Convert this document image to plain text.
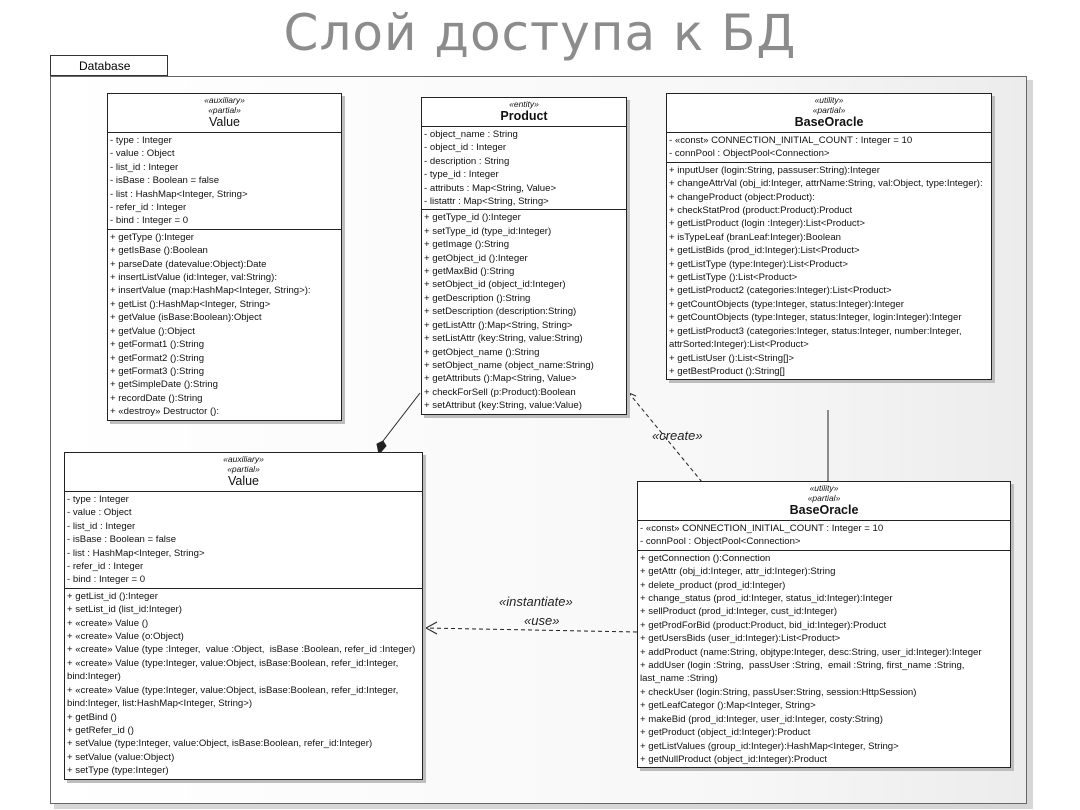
Слой доступа к БД
Database
«create»
«instantiate»
«use»
«auxiliary»
«partial»
Value
- type : Integer
- value : Object
- list_id : Integer
- isBase : Boolean = false
- list : HashMap<Integer, String>
- refer_id : Integer
- bind : Integer = 0
+ getType ():Integer
+ getIsBase ():Boolean
+ parseDate (datevalue:Object):Date
+ insertListValue (id:Integer, val:String):
+ insertValue (map:HashMap<Integer, String>):
+ getList ():HashMap<Integer, String>
+ getValue (isBase:Boolean):Object
+ getValue ():Object
+ getFormat1 ():String
+ getFormat2 ():String
+ getFormat3 ():String
+ getSimpleDate ():String
+ recordDate ():String
+ «destroy» Destructor ():
«entity»
Product
- object_name : String
- object_id : Integer
- description : String
- type_id : Integer
- attributs : Map<String, Value>
- listattr : Map<String, String>
+ getType_id ():Integer
+ setType_id (type_id:Integer)
+ getImage ():String
+ getObject_id ():Integer
+ getMaxBid ():String
+ setObject_id (object_id:Integer)
+ getDescription ():String
+ setDescription (description:String)
+ getListAttr ():Map<String, String>
+ setListAttr (key:String, value:String)
+ getObject_name ():String
+ setObject_name (object_name:String)
+ getAttributs ():Map<String, Value>
+ checkForSell (p:Product):Boolean
+ setAttribut (key:String, value:Value)
«utility»
«partial»
BaseOracle
- «const» CONNECTION_INITIAL_COUNT : Integer = 10
- connPool : ObjectPool<Connection>
+ inputUser (login:String, passuser:String):Integer
+ changeAttrVal (obj_id:Integer, attrName:String, val:Object, type:Integer):
+ changeProduct (object:Product):
+ checkStatProd (product:Product):Product
+ getListProduct (login :Integer):List<Product>
+ isTypeLeaf (branLeaf:Integer):Boolean
+ getListBids (prod_id:Integer):List<Product>
+ getListType (type:Integer):List<Product>
+ getListType ():List<Product>
+ getListProduct2 (categories:Integer):List<Product>
+ getCountObjects (type:Integer, status:Integer):Integer
+ getCountObjects (type:Integer, status:Integer, login:Integer):Integer
+ getListProduct3 (categories:Integer, status:Integer, number:Integer, attrSorted:Integer):List<Product>
+ getListUser ():List<String[]>
+ getBestProduct ():String[]
«auxiliary»
«partial»
Value
- type : Integer
- value : Object
- list_id : Integer
- isBase : Boolean = false
- list : HashMap<Integer, String>
- refer_id : Integer
- bind : Integer = 0
+ getList_id ():Integer
+ setList_id (list_id:Integer)
+ «create» Value ()
+ «create» Value (o:Object)
+ «create» Value (type :Integer,  value :Object,  isBase :Boolean, refer_id :Integer)
+ «create» Value (type:Integer, value:Object, isBase:Boolean, refer_id:Integer, bind:Integer)
+ «create» Value (type:Integer, value:Object, isBase:Boolean, refer_id:Integer, bind:Integer, list:HashMap<Integer, String>)
+ getBind ()
+ getRefer_id ()
+ setValue (type:Integer, value:Object, isBase:Boolean, refer_id:Integer)
+ setValue (value:Object)
+ setType (type:Integer)
«utility»
«partial»
BaseOracle
- «const» CONNECTION_INITIAL_COUNT : Integer = 10
- connPool : ObjectPool<Connection>
+ getConnection ():Connection
+ getAttr (obj_id:Integer, attr_id:Integer):String
+ delete_product (prod_id:Integer)
+ change_status (prod_id:Integer, status_id:Integer):Integer
+ sellProduct (prod_id:Integer, cust_id:Integer)
+ getProdForBid (product:Product, bid_id:Integer):Product
+ getUsersBids (user_id:Integer):List<Product>
+ addProduct (name:String, objtype:Integer, desc:String, user_id:Integer):Integer
+ addUser (login :String,  passUser :String,  email :String, first_name :String,  last_name :String)
+ checkUser (login:String, passUser:String, session:HttpSession)
+ getLeafCategor ():Map<Integer, String>
+ makeBid (prod_id:Integer, user_id:Integer, costy:String)
+ getProduct (object_id:Integer):Product
+ getListValues (group_id:Integer):HashMap<Integer, String>
+ getNullProduct (object_id:Integer):Product
